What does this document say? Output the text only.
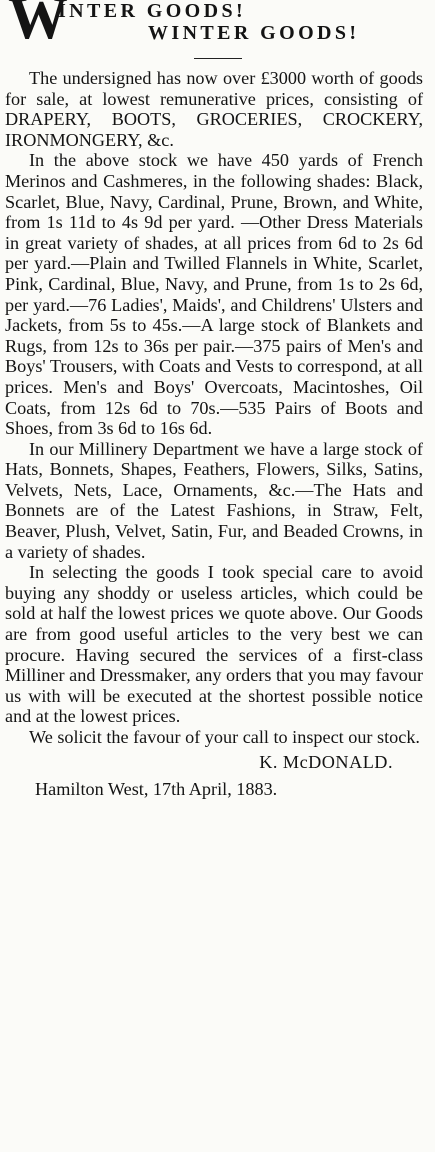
W
INTER GOODS!
WINTER GOODS!

The undersigned has now over £3000 worth of goods for sale, at lowest remunerative prices, consisting of DRAPERY, BOOTS, GROCERIES, CROCKERY, IRONMONGERY, &c.

In the above stock we have 450 yards of French Merinos and Cashmeres, in the following shades: Black, Scarlet, Blue, Navy, Cardinal, Prune, Brown, and White, from 1s 11d to 4s 9d per yard. —Other Dress Materials in great variety of shades, at all prices from 6d to 2s 6d per yard.—Plain and Twilled Flannels in White, Scarlet, Pink, Cardinal, Blue, Navy, and Prune, from 1s to 2s 6d, per yard.—76 Ladies', Maids', and Childrens' Ulsters and Jackets, from 5s to 45s.—A large stock of Blankets and Rugs, from 12s to 36s per pair.—375 pairs of Men's and Boys' Trousers, with Coats and Vests to correspond, at all prices. Men's and Boys' Overcoats, Macintoshes, Oil Coats, from 12s 6d to 70s.—535 Pairs of Boots and Shoes, from 3s 6d to 16s 6d.

In our Millinery Department we have a large stock of Hats, Bonnets, Shapes, Feathers, Flowers, Silks, Satins, Velvets, Nets, Lace, Ornaments, &c.—The Hats and Bonnets are of the Latest Fashions, in Straw, Felt, Beaver, Plush, Velvet, Satin, Fur, and Beaded Crowns, in a variety of shades.

In selecting the goods I took special care to avoid buying any shoddy or useless articles, which could be sold at half the lowest prices we quote above. Our Goods are from good useful articles to the very best we can procure. Having secured the services of a first-class Milliner and Dressmaker, any orders that you may favour us with will be executed at the shortest possible notice and at the lowest prices.

We solicit the favour of your call to inspect our stock.

K. McDONALD.
Hamilton West, 17th April, 1883.
